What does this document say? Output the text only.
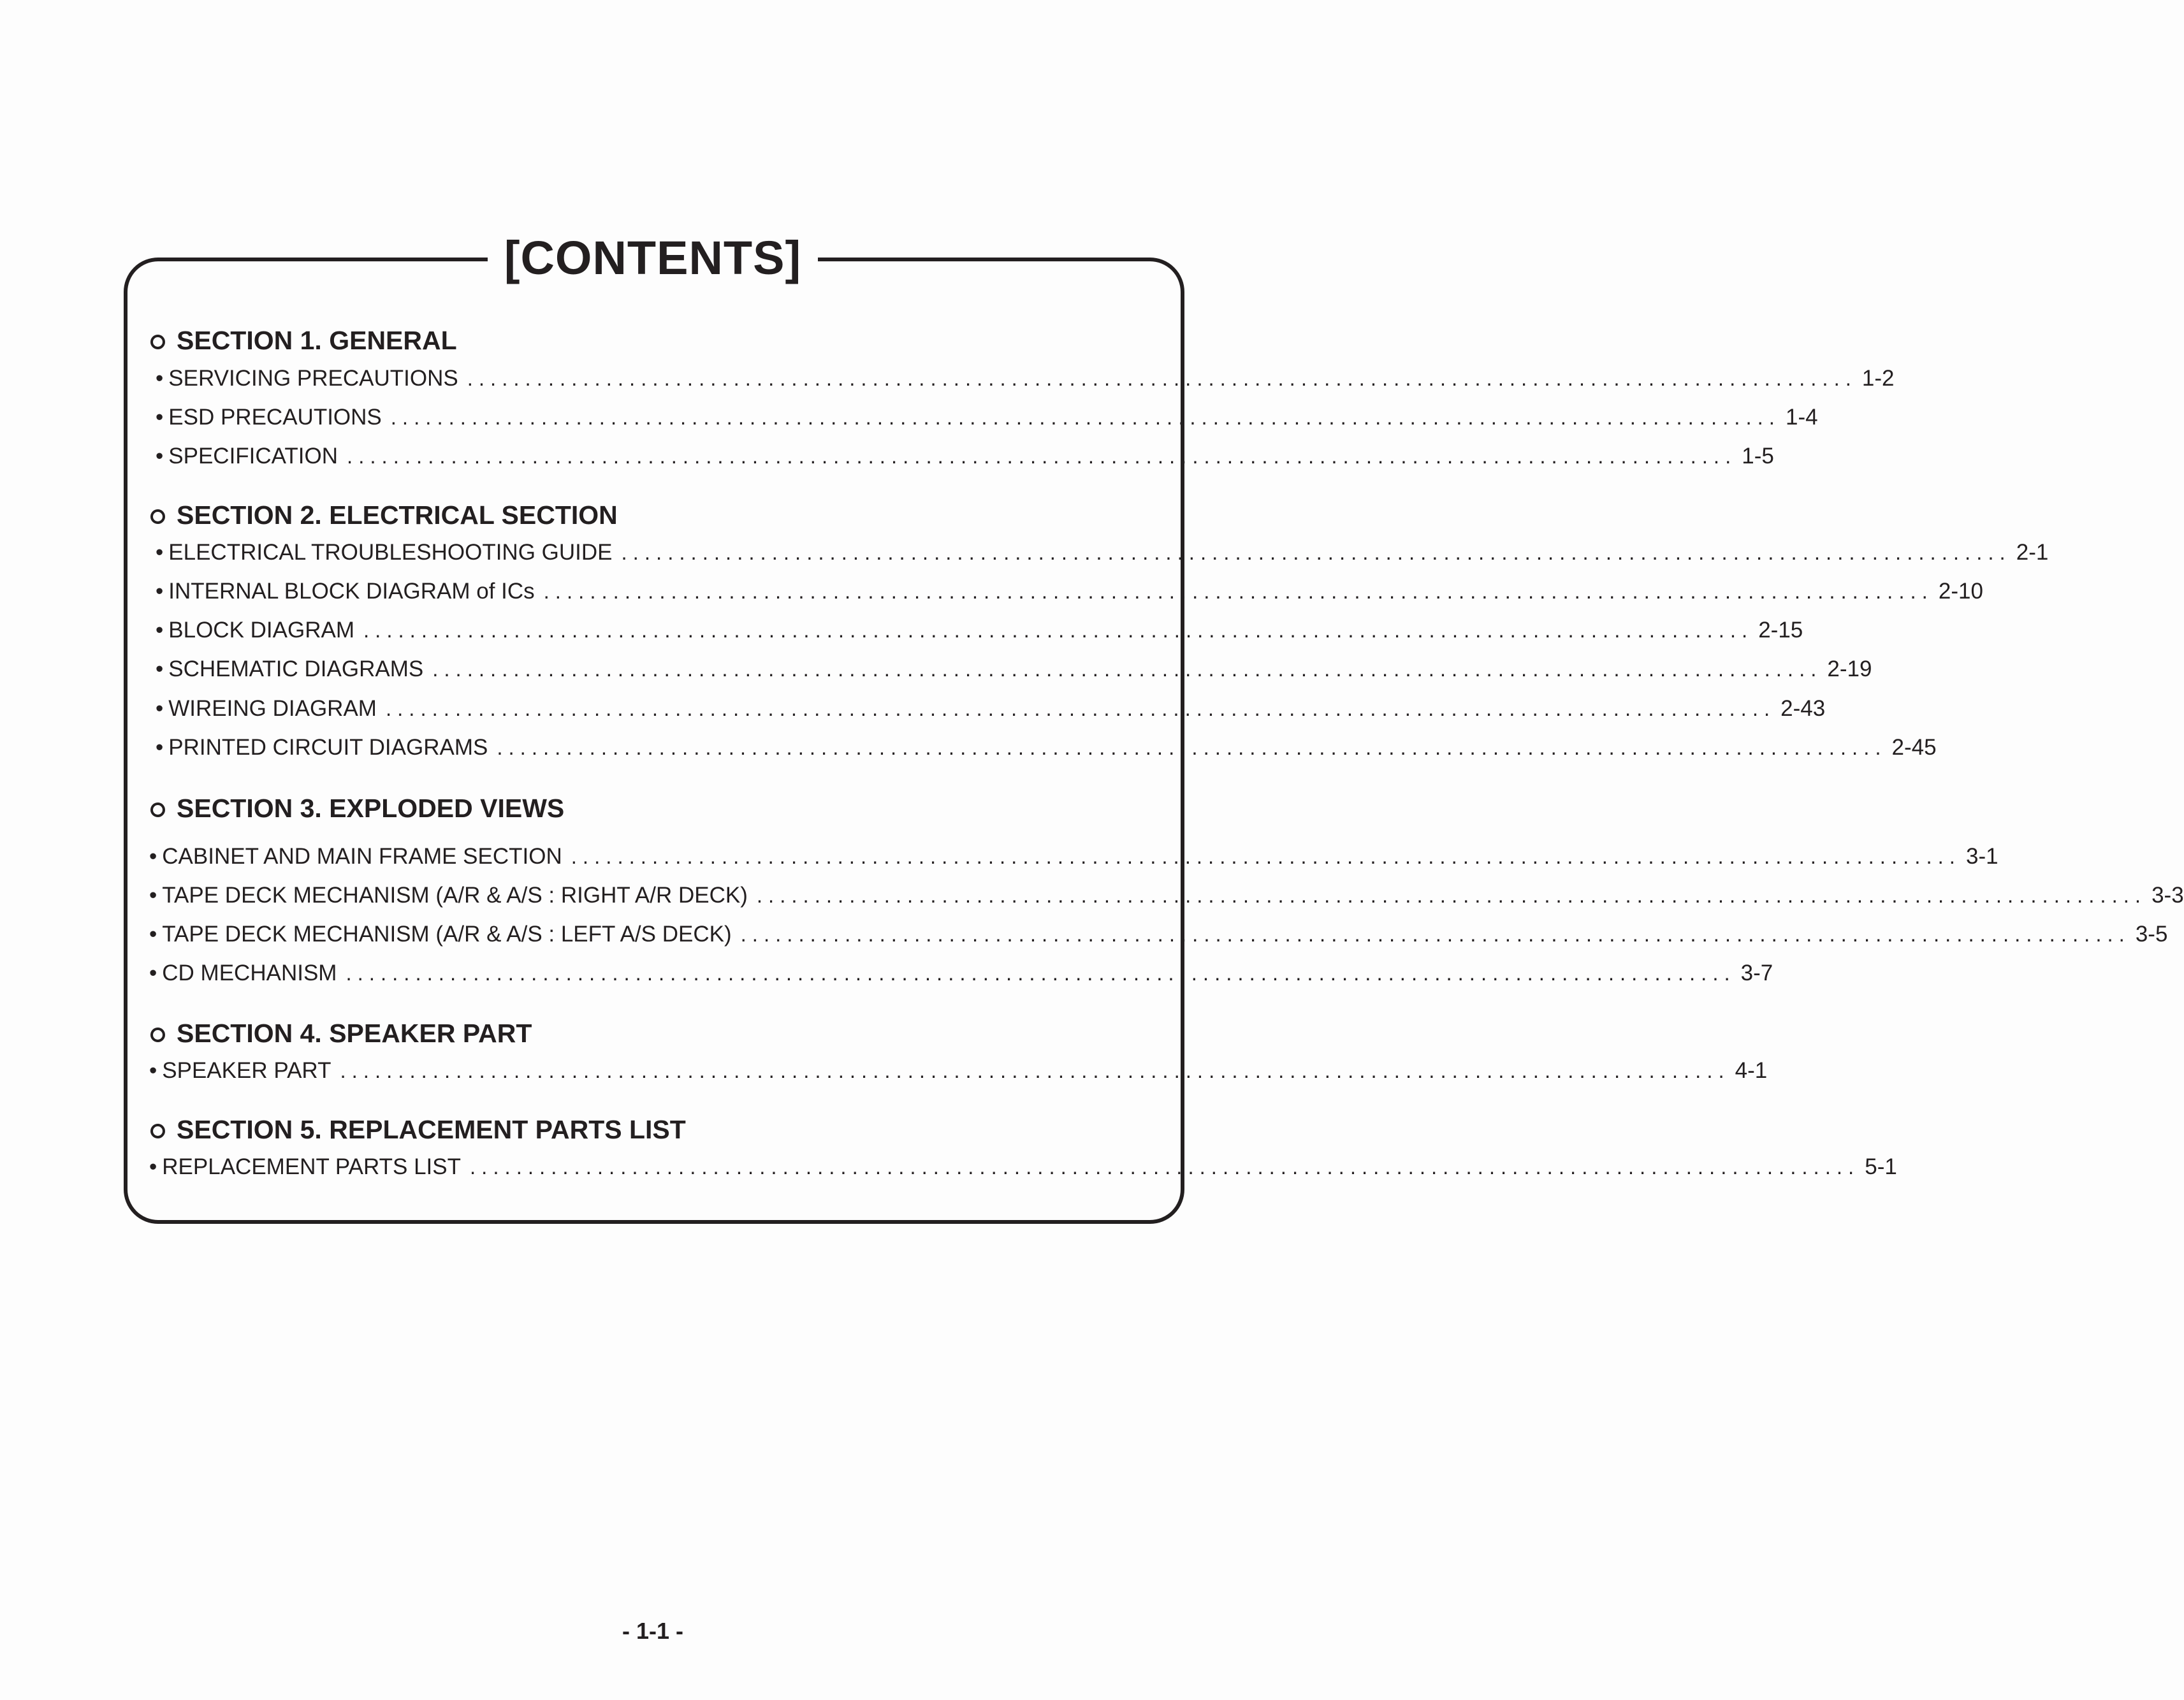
[CONTENTS]
SECTION 1. GENERAL
• SERVICING PRECAUTIONS ........................................................................................................................ 1-2
• ESD PRECAUTIONS ........................................................................................................................ 1-4
• SPECIFICATION ........................................................................................................................ 1-5
SECTION 2. ELECTRICAL SECTION
• ELECTRICAL TROUBLESHOOTING GUIDE ........................................................................................................................ 2-1
• INTERNAL BLOCK DIAGRAM of ICs ........................................................................................................................ 2-10
• BLOCK DIAGRAM ........................................................................................................................ 2-15
• SCHEMATIC DIAGRAMS ........................................................................................................................ 2-19
• WIREING DIAGRAM ........................................................................................................................ 2-43
• PRINTED CIRCUIT DIAGRAMS ........................................................................................................................ 2-45
SECTION 3. EXPLODED VIEWS
• CABINET AND MAIN FRAME SECTION ........................................................................................................................ 3-1
• TAPE DECK MECHANISM (A/R & A/S : RIGHT A/R DECK) ........................................................................................................................ 3-3
• TAPE DECK MECHANISM (A/R & A/S : LEFT A/S DECK) ........................................................................................................................ 3-5
• CD MECHANISM ........................................................................................................................ 3-7
SECTION 4. SPEAKER PART
• SPEAKER PART ........................................................................................................................ 4-1
SECTION 5. REPLACEMENT PARTS LIST
• REPLACEMENT PARTS LIST ........................................................................................................................ 5-1
- 1-1 -
